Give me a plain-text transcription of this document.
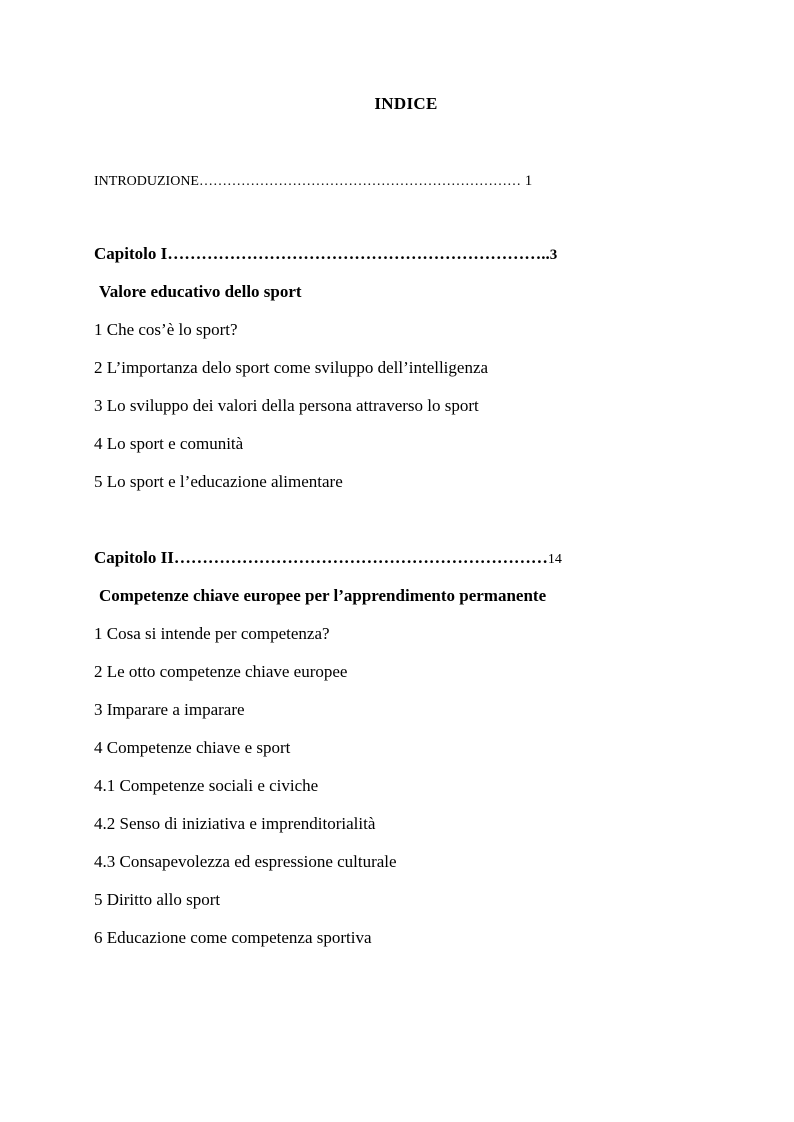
INDICE
INTRODUZIONE…………………………………………………………… 1
Capitolo I…………………………………………………………..3
Valore educativo dello sport
1 Che cos’è lo sport?
2 L’importanza delo sport come sviluppo dell’intelligenza
3 Lo sviluppo dei valori della persona attraverso lo sport
4 Lo sport e comunità
5 Lo sport e l’educazione alimentare
Capitolo II…………………………………………………………14
Competenze chiave europee per l’apprendimento permanente
1 Cosa si intende per competenza?
2 Le otto competenze chiave europee
3 Imparare a imparare
4 Competenze chiave e sport
4.1 Competenze sociali e civiche
4.2 Senso di iniziativa e imprenditorialità
4.3 Consapevolezza ed espressione culturale
5 Diritto allo sport
6 Educazione come competenza sportiva
